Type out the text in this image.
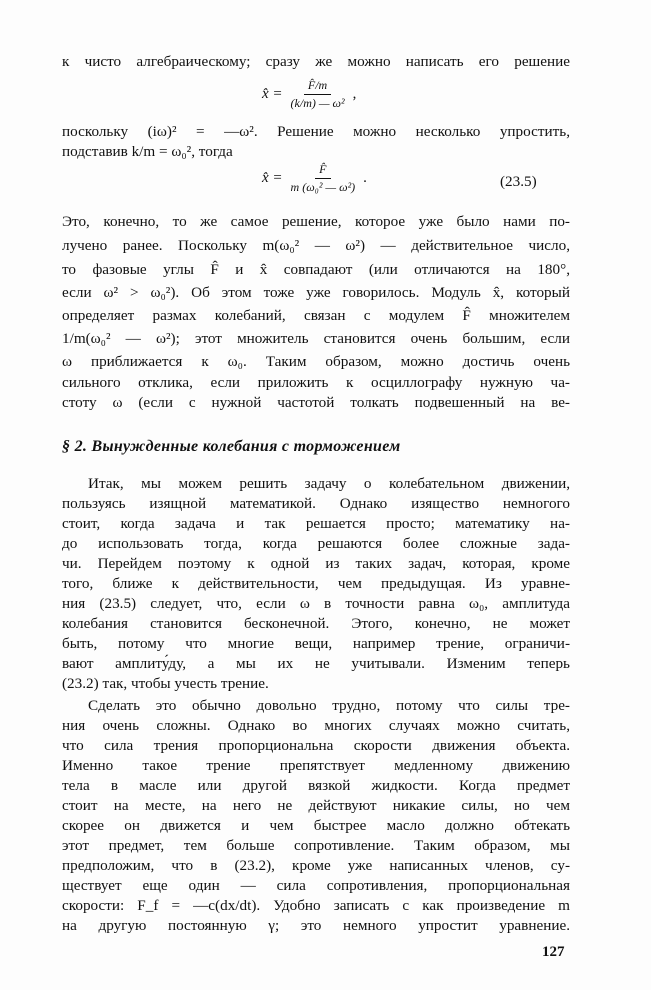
к чисто алгебраическому; сразу же можно написать его решение
x̂ = $\frac{F̂/m}{\text{(k/m) — ω²}}$ ,
поскольку (iω)² = —ω². Решение можно несколько упростить,
подставив k/m = ω₀², тогда
x̂ = $\frac{F̂}{\text{m (ω₀² — ω²)}}$ .	(23.5)
Это, конечно, то же самое решение, которое уже было нами по-
лучено ранее. Поскольку m(ω₀² — ω²) — действительное число,
то фазовые углы F̂ и x̂ совпадают (или отличаются на 180°,
если ω² > ω₀²). Об этом тоже уже говорилось. Модуль x̂, который
определяет размах колебаний, связан с модулем F̂ множителем
1/m(ω₀² — ω²); этот множитель становится очень большим, если
ω приближается к ω₀. Таким образом, можно достичь очень
сильного отклика, если приложить к осциллографу нужную ча-
стоту ω (если с нужной частотой толкать подвешенный на ве-
§ 2. Вынужденные колебания с торможением
Итак, мы можем решить задачу о колебательном движении,
пользуясь изящной математикой. Однако изящество немногого
стоит, когда задача и так решается просто; математику на-
до использовать тогда, когда решаются более сложные зада-
чи. Перейдем поэтому к одной из таких задач, которая, кроме
того, ближе к действительности, чем предыдущая. Из уравне-
ния (23.5) следует, что, если ω в точности равна ω₀, амплитуда
колебания становится бесконечной. Этого, конечно, не может
быть, потому что многие вещи, например трение, ограничи-
вают амплиту́ду, а мы их не учитывали. Изменим теперь
(23.2) так, чтобы учесть трение.
Сделать это обычно довольно трудно, потому что силы тре-
ния очень сложны. Однако во многих случаях можно считать,
что сила трения пропорциональна скорости движения объекта.
Именно такое трение препятствует медленному движению
тела в масле или другой вязкой жидкости. Когда предмет
стоит на месте, на него не действуют никакие силы, но чем
скорее он движется и чем быстрее масло должно обтекать
этот предмет, тем больше сопротивление. Таким образом, мы
предположим, что в (23.2), кроме уже написанных членов, су-
ществует еще один — сила сопротивления, пропорциональная
скорости: F_f = —c(dx/dt). Удобно записать c как произведение m
на другую постоянную γ; это немного упростит уравнение.
127
